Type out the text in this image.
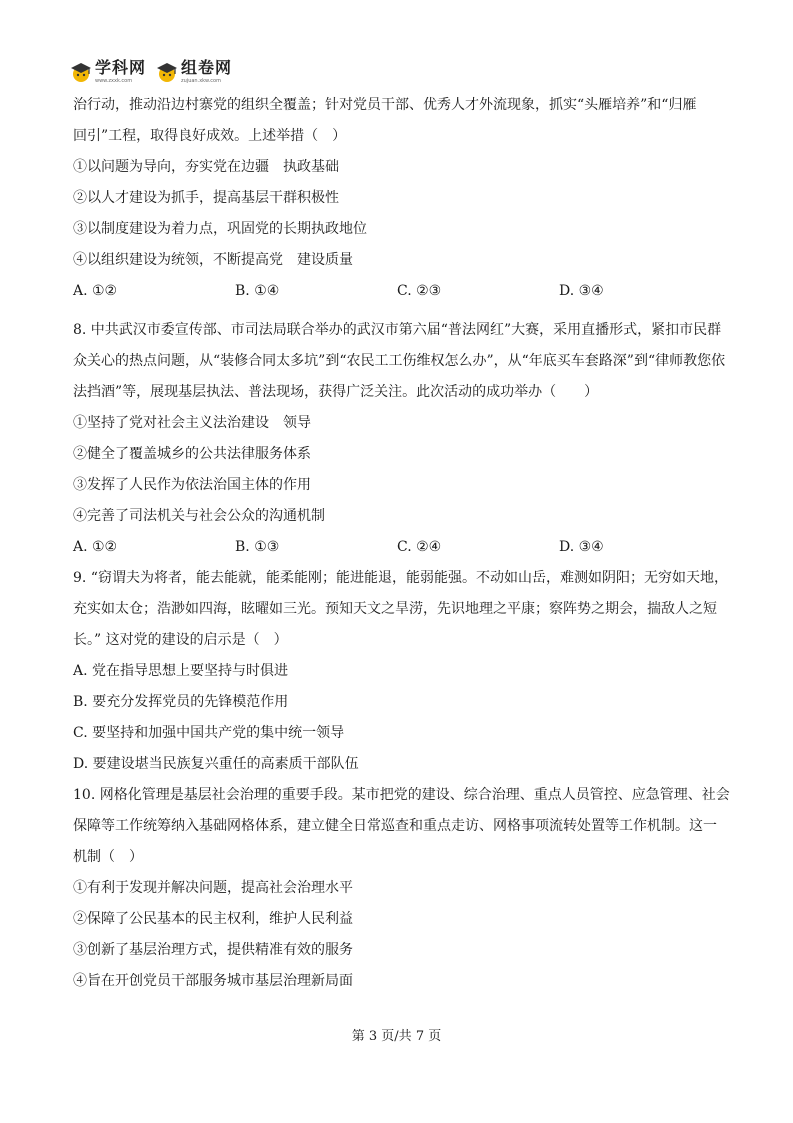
学科网
www.zxxk.com
组卷网
zujuan.xkw.com
治行动，推动沿边村寨党的组织全覆盖；针对党员干部、优秀人才外流现象，抓实“头雁培养”和“归雁
回引”工程，取得良好成效。上述举措（　）
①以问题为导向，夯实党在边疆　执政基础
②以人才建设为抓手，提高基层干群积极性
③以制度建设为着力点，巩固党的长期执政地位
④以组织建设为统领，不断提高党　建设质量
A. ①②	B. ①④	C. ②③	D. ③④
8. 中共武汉市委宣传部、市司法局联合举办的武汉市第六届“普法网红”大赛，采用直播形式，紧扣市民群
众关心的热点问题，从“装修合同太多坑”到“农民工工伤维权怎么办”，从“年底买车套路深”到“律师教您依
法挡酒”等，展现基层执法、普法现场，获得广泛关注。此次活动的成功举办（　　）
①坚持了党对社会主义法治建设　领导
②健全了覆盖城乡的公共法律服务体系
③发挥了人民作为依法治国主体的作用
④完善了司法机关与社会公众的沟通机制
A. ①②	B. ①③	C. ②④	D. ③④
9. “窃谓夫为将者，能去能就，能柔能刚；能进能退，能弱能强。不动如山岳，难测如阴阳；无穷如天地，
充实如太仓；浩渺如四海，眩曜如三光。预知天文之旱涝，先识地理之平康；察阵势之期会，揣敌人之短
长。” 这对党的建设的启示是（　）
A. 党在指导思想上要坚持与时俱进
B. 要充分发挥党员的先锋模范作用
C. 要坚持和加强中国共产党的集中统一领导
D. 要建设堪当民族复兴重任的高素质干部队伍
10. 网格化管理是基层社会治理的重要手段。某市把党的建设、综合治理、重点人员管控、应急管理、社会
保障等工作统筹纳入基础网格体系，建立健全日常巡查和重点走访、网格事项流转处置等工作机制。这一
机制（　）
①有利于发现并解决问题，提高社会治理水平
②保障了公民基本的民主权利，维护人民利益
③创新了基层治理方式，提供精准有效的服务
④旨在开创党员干部服务城市基层治理新局面
第 3 页/共 7 页
